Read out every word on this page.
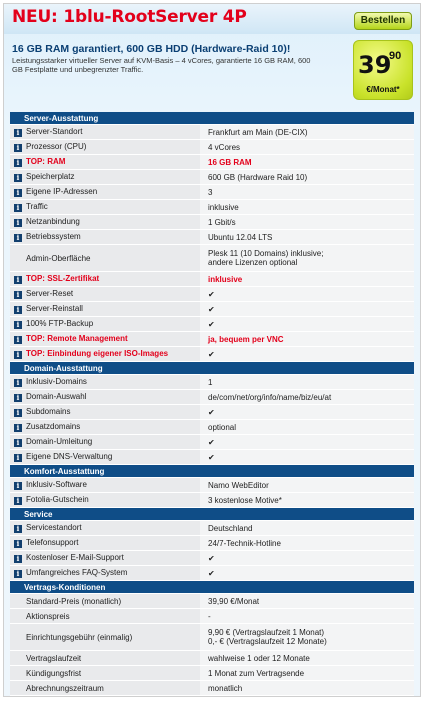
NEU: 1blu-RootServer 4P	Bestellen
16 GB RAM garantiert, 600 GB HDD (Hardware-Raid 10)!
Leistungsstarker virtueller Server auf KVM-Basis – 4 vCores, garantierte 16 GB RAM, 600 GB Festplatte und unbegrenzter Traffic.	39
90
€/Monat*
Server-Ausstattung	
i Server-Standort	Frankfurt am Main (DE-CIX)
i Prozessor (CPU)	4 vCores
i TOP: RAM	16 GB RAM
i Speicherplatz	600 GB (Hardware Raid 10)
i Eigene IP-Adressen	3
i Traffic	inklusive
i Netzanbindung	1 Gbit/s
i Betriebssystem	Ubuntu 12.04 LTS
Admin-Oberfläche	Plesk 11 (10 Domains) inklusive;
andere Lizenzen optional

i TOP: SSL-Zertifikat	inklusive
i Server-Reset	✔
i Server-Reinstall	✔
i 100% FTP-Backup	✔
i TOP: Remote Management	ja, bequem per VNC
i TOP: Einbindung eigener ISO-Images	✔
Domain-Ausstattung	
i Inklusiv-Domains	1
i Domain-Auswahl	de/com/net/org/info/name/biz/eu/at
i Subdomains	✔
i Zusatzdomains	optional
i Domain-Umleitung	✔
i Eigene DNS-Verwaltung	✔
Komfort-Ausstattung	
i Inklusiv-Software	Namo WebEditor
i Fotolia-Gutschein	3 kostenlose Motive*
Service	
i Servicestandort	Deutschland
i Telefonsupport	24/7-Technik-Hotline
i Kostenloser E-Mail-Support	✔
i Umfangreiches FAQ-System	✔
Vertrags-Konditionen	
Standard-Preis (monatlich)	39,90 €/Monat
Aktionspreis	-
Einrichtungsgebühr (einmalig)	9,90 € (Vertragslaufzeit 1 Monat)
0,- € (Vertragslaufzeit 12 Monate)

Vertragslaufzeit	wahlweise 1 oder 12 Monate
Kündigungsfrist	1 Monat zum Vertragsende
Abrechnungszeitraum	monatlich
